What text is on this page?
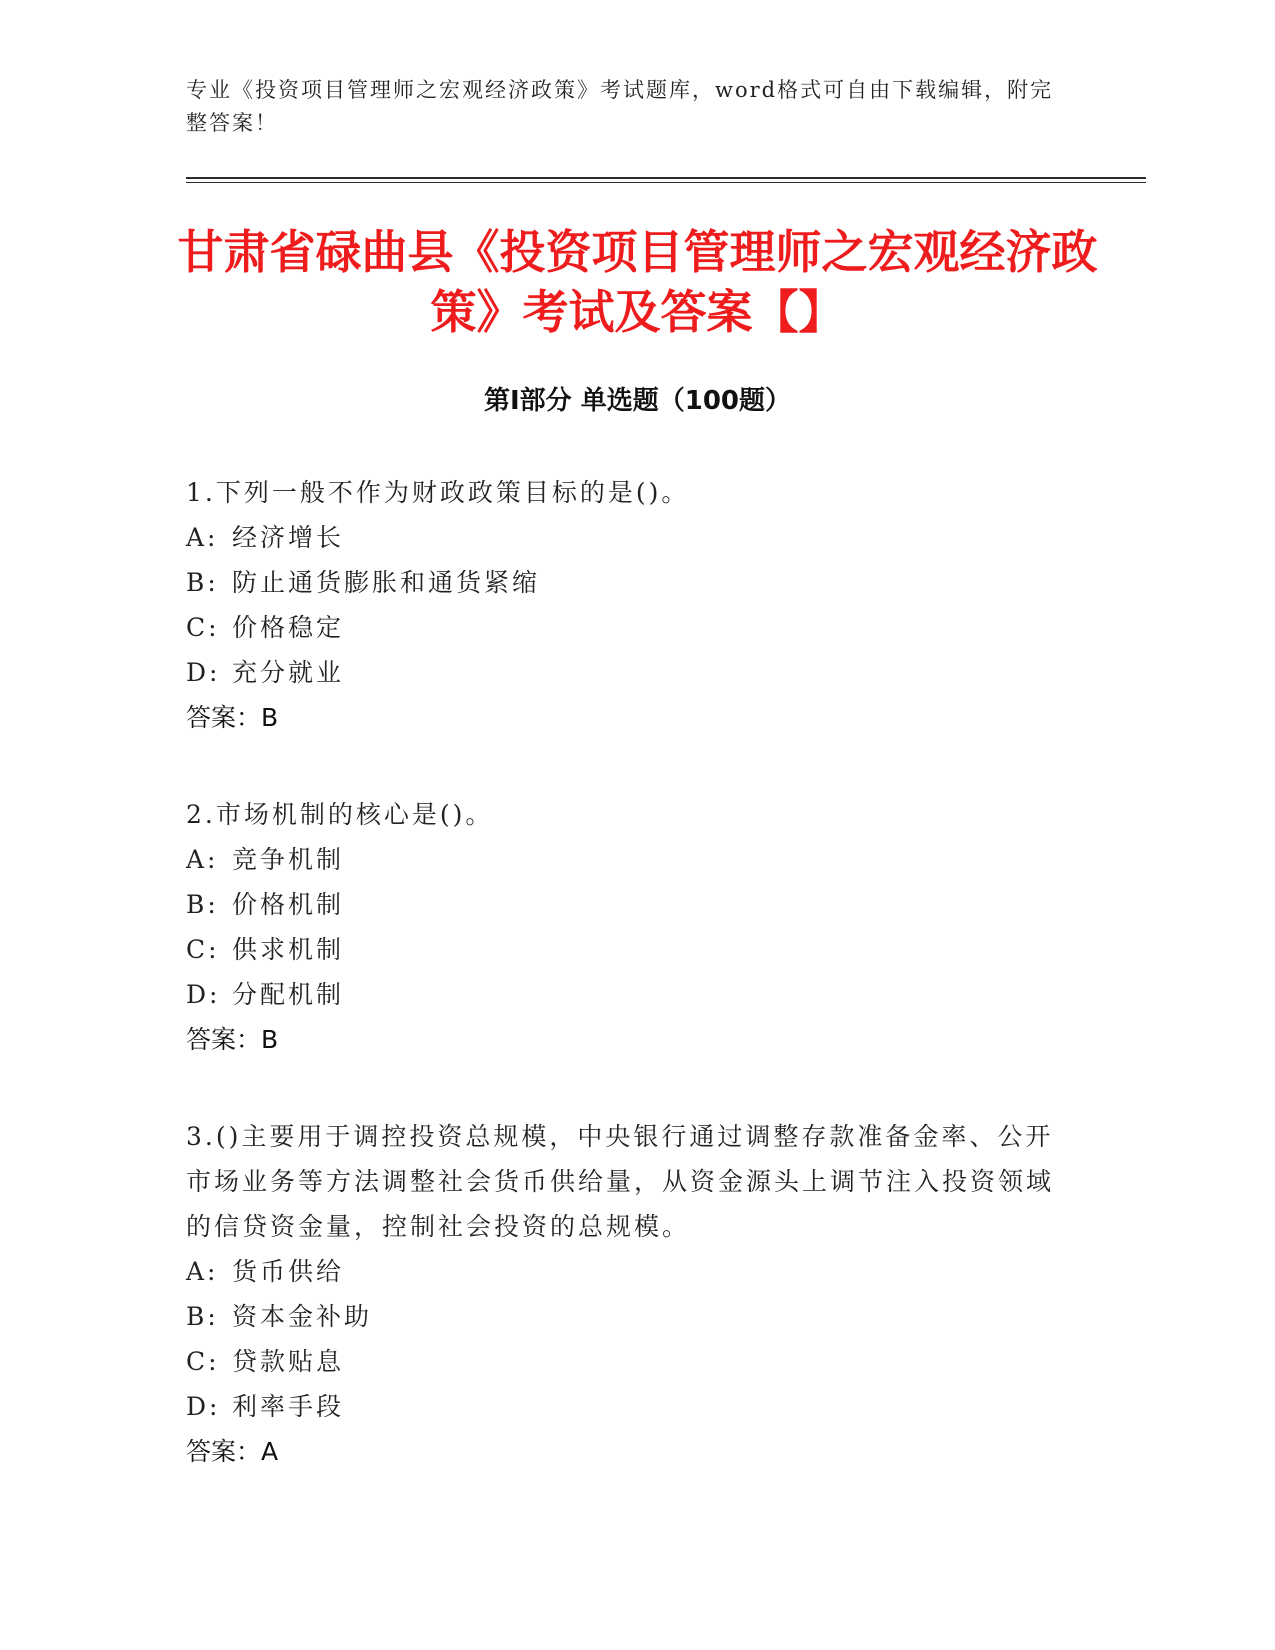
专业《投资项目管理师之宏观经济政策》考试题库，word格式可自由下载编辑，附完整答案！

甘肃省碌曲县《投资项目管理师之宏观经济政策》考试及答案【】
第I部分 单选题（100题）

1.下列一般不作为财政政策目标的是()。

A: 经济增长

B: 防止通货膨胀和通货紧缩

C: 价格稳定

D: 充分就业

答案：B

2.市场机制的核心是()。

A: 竞争机制

B: 价格机制

C: 供求机制

D: 分配机制

答案：B

3.()主要用于调控投资总规模，中央银行通过调整存款准备金率、公开市场业务等方法调整社会货币供给量，从资金源头上调节注入投资领域的信贷资金量，控制社会投资的总规模。

A: 货币供给

B: 资本金补助

C: 贷款贴息

D: 利率手段

答案：A
